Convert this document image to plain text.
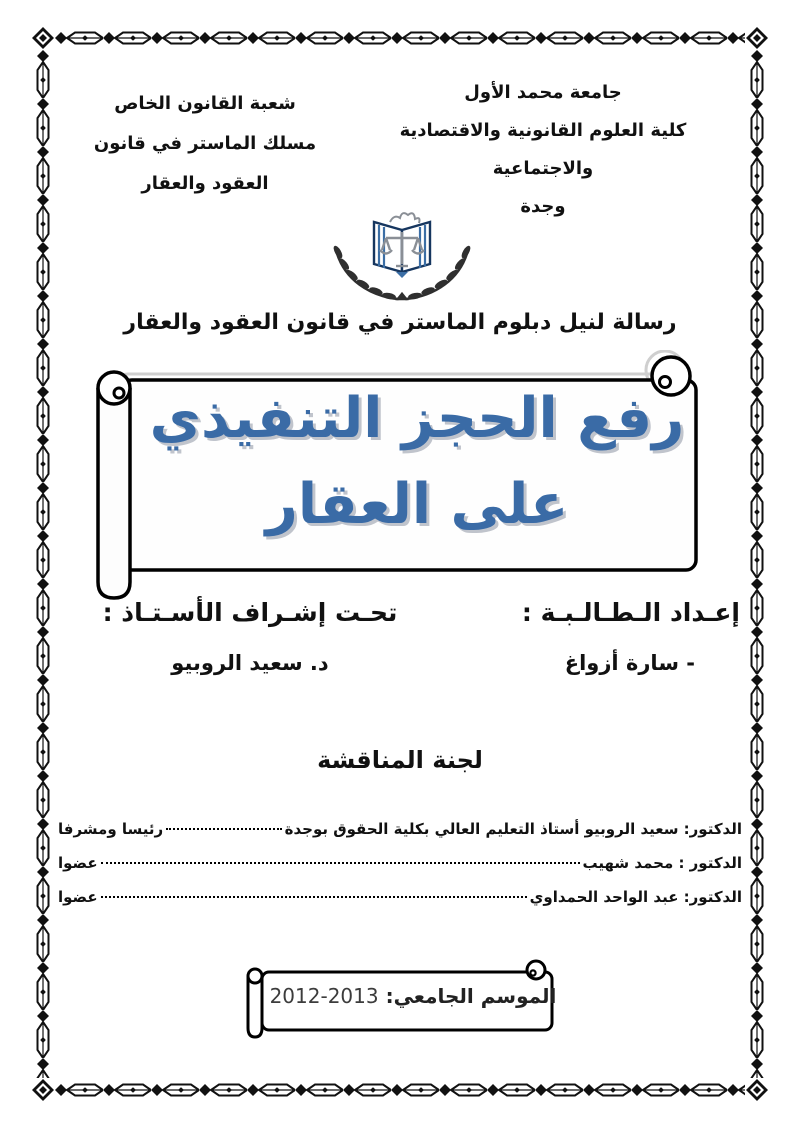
جامعة محمد الأول
كلية العلوم القانونية والاقتصادية
والاجتماعية
وجدة
شعبة القانون الخاص
مسلك الماستر في قانون
العقود والعقار
رسالة لنيل دبلوم الماستر في قانون العقود والعقار
رفع الحجز التنفيذي
على العقار
إعـداد الـطـالـبـة :
- سارة أزواغ
تحـت إشـراف الأسـتـاذ :
د. سعيد الروبيو
لجنة المناقشة
الدكتور: سعيد الروبيو أستاذ التعليم العالي بكلية الحقوق بوجدة
رئيسا ومشرفا
الدكتور : محمد شهيب
عضوا
الدكتور: عبد الواحد الحمداوي
عضوا
الموسم الجامعي: 2013-2012
